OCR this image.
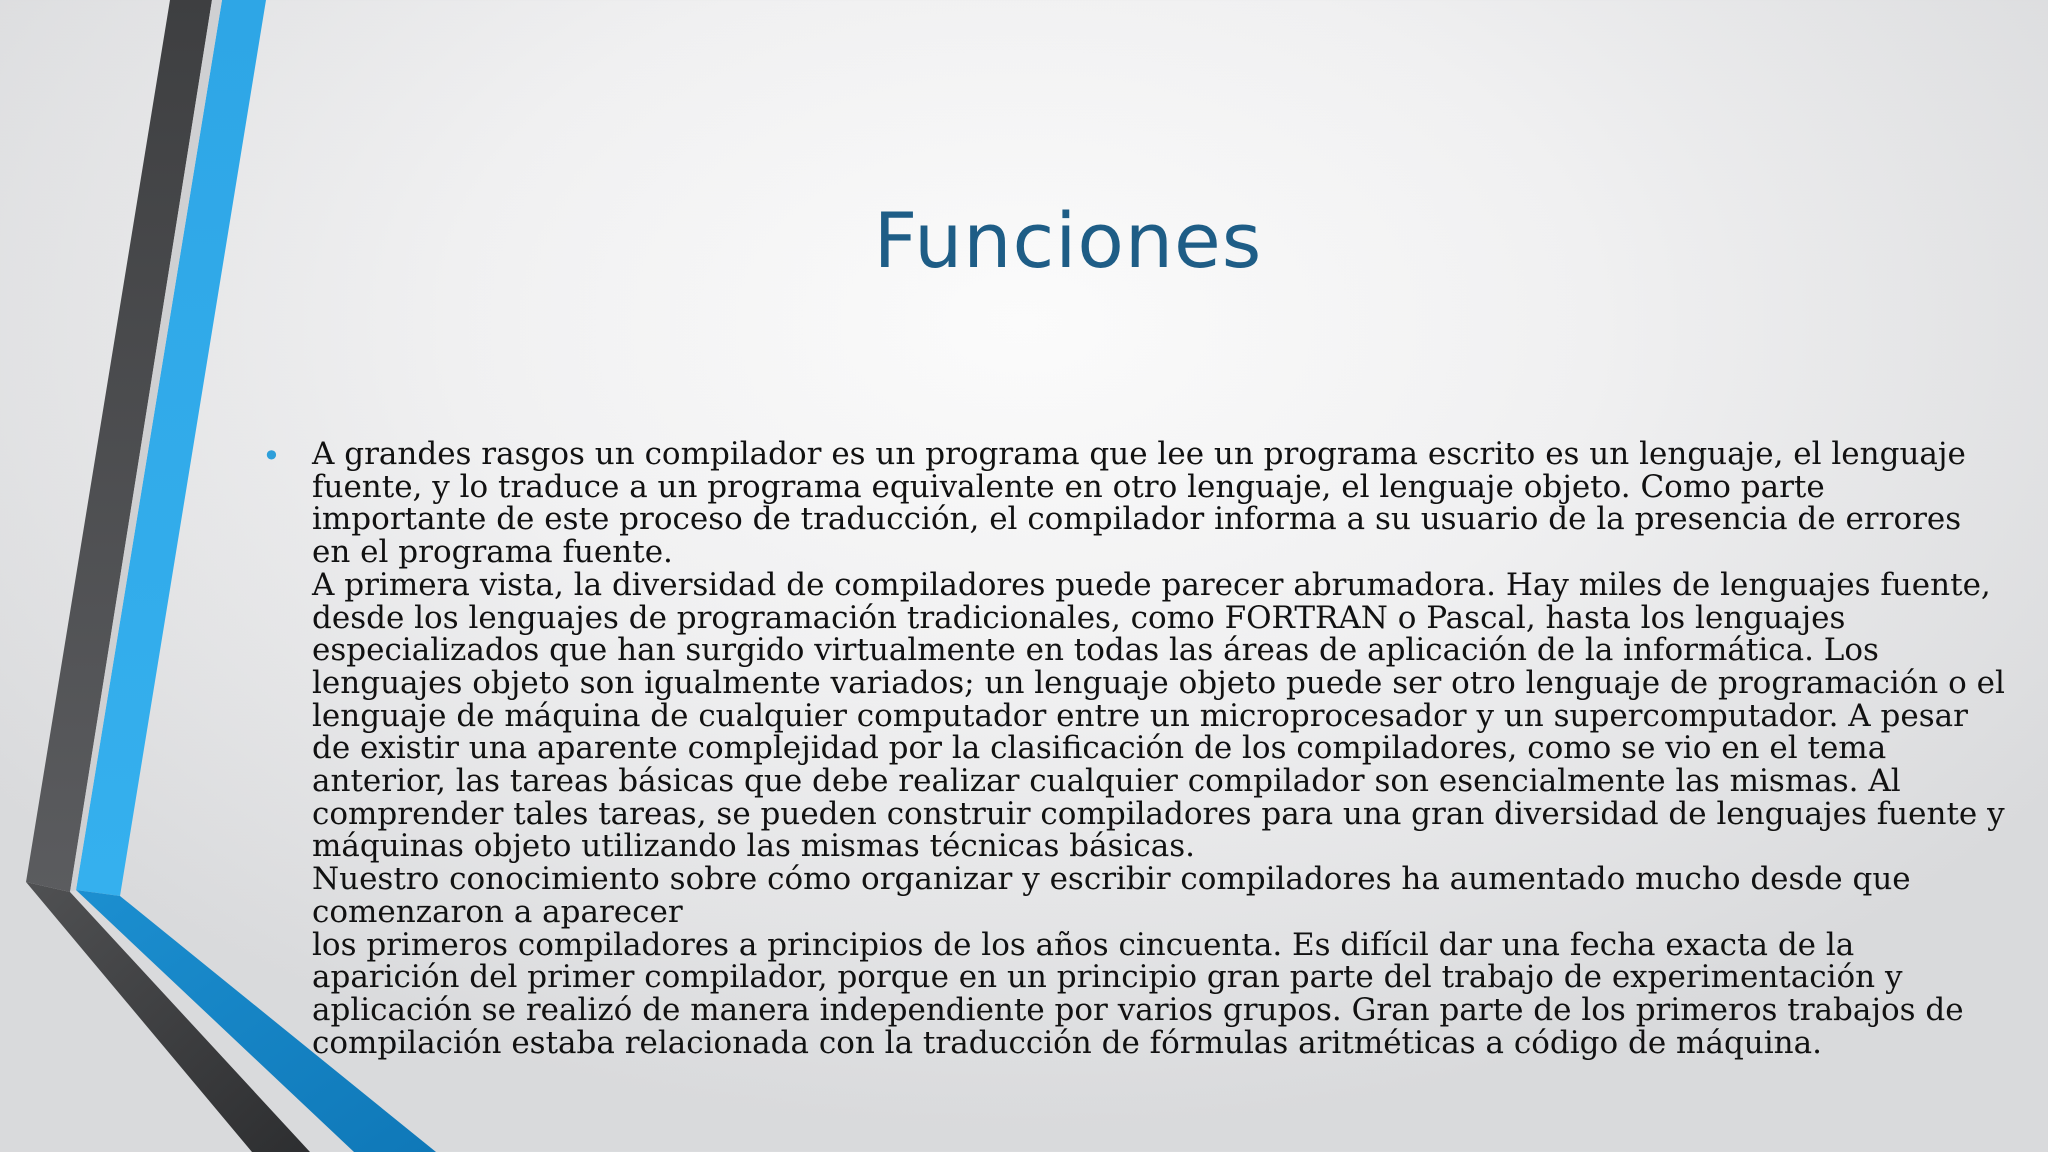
Funciones
• A grandes rasgos un compilador es un programa que lee un programa escrito es un lenguaje, el lenguaje
fuente, y lo traduce a un programa equivalente en otro lenguaje, el lenguaje objeto. Como parte
importante de este proceso de traducción, el compilador informa a su usuario de la presencia de errores
en el programa fuente.
A primera vista, la diversidad de compiladores puede parecer abrumadora. Hay miles de lenguajes fuente,
desde los lenguajes de programación tradicionales, como FORTRAN o Pascal, hasta los lenguajes
especializados que han surgido virtualmente en todas las áreas de aplicación de la informática. Los
lenguajes objeto son igualmente variados; un lenguaje objeto puede ser otro lenguaje de programación o el
lenguaje de máquina de cualquier computador entre un microprocesador y un supercomputador. A pesar
de existir una aparente complejidad por la clasificación de los compiladores, como se vio en el tema
anterior, las tareas básicas que debe realizar cualquier compilador son esencialmente las mismas. Al
comprender tales tareas, se pueden construir compiladores para una gran diversidad de lenguajes fuente y
máquinas objeto utilizando las mismas técnicas básicas.
Nuestro conocimiento sobre cómo organizar y escribir compiladores ha aumentado mucho desde que
comenzaron a aparecer
los primeros compiladores a principios de los años cincuenta. Es difícil dar una fecha exacta de la
aparición del primer compilador, porque en un principio gran parte del trabajo de experimentación y
aplicación se realizó de manera independiente por varios grupos. Gran parte de los primeros trabajos de
compilación estaba relacionada con la traducción de fórmulas aritméticas a código de máquina.
